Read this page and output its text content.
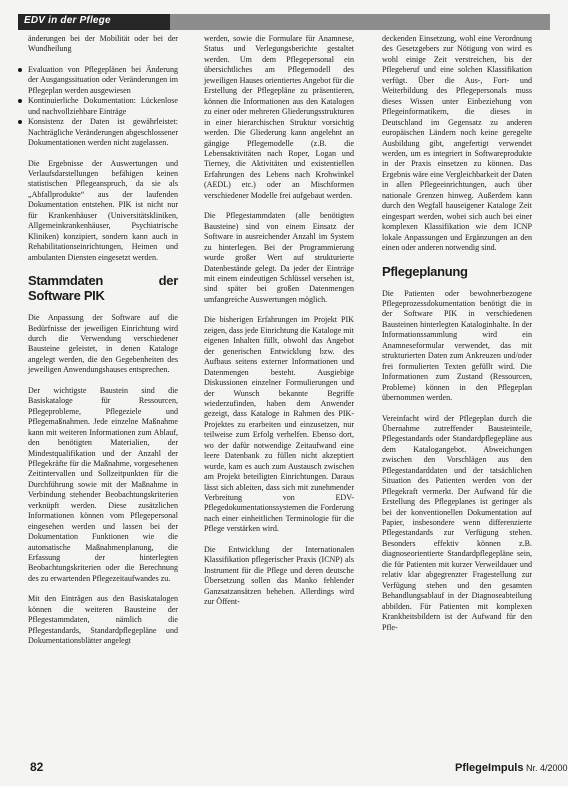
EDV in der Pflege

änderungen bei der Mobilität oder bei der Wundheilung

Evaluation von Pflegeplänen bei Änderung der Ausgangssituation oder Veränderungen im Pflegeplan werden ausgewiesen

Kontinuierliche Dokumentation: Lückenlose und nachvollziehbare Einträge

Konsistenz der Daten ist gewährleistet: Nachträgliche Veränderungen abgeschlossener Dokumentationen werden nicht zugelassen.

Die Ergebnisse der Auswertungen und Verlaufsdarstellungen befähigen keinen statistischen Pflegeanspruch, da sie als „Abfallprodukte“ aus der laufenden Dokumentation entstehen. PIK ist nicht nur für Krankenhäuser (Universitätskliniken, Allgemeinkrankenhäuser, Psychiatrische Kliniken) konzipiert, sondern kann auch in Rehabilitationseinrichtungen, Heimen und ambulanten Diensten eingesetzt werden.

Stammdaten der Software PIK

Die Anpassung der Software auf die Bedürfnisse der jeweiligen Einrichtung wird durch die Verwendung verschiedener Bausteine geleistet, in denen Kataloge angelegt werden, die den Gegebenheiten des jeweiligen Anwendungshauses entsprechen.

Der wichtigste Baustein sind die Basiskataloge für Ressourcen, Pflegeprobleme, Pflegeziele und Pflegemaßnahmen. Jede einzelne Maßnahme kann mit weiteren Informationen zum Ablauf, den benötigten Materialien, der Mindestqualifikation und der Anzahl der Pflegekräfte für die Maßnahme, vorgesehenen Zeitintervallen und Sollzeitpunkten für die Durchführung sowie mit der Maßnahme in Verbindung stehender Beobachtungskriterien verknüpft werden. Diese zusätzlichen Informationen können vom Pflegepersonal eingesehen werden und lassen bei der Dokumentation Funktionen wie die automatische Maßnahmenplanung, die Erfassung der hinterlegten Beobachtungskriterien oder die Berechnung des zu erwartenden Pflegezeitaufwandes zu.

Mit den Einträgen aus den Basiskatalogen können die weiteren Bausteine der Pflegestammdaten, nämlich die Pflegestandards, Standardpflegepläne und Dokumentationsblätter angelegt

werden, sowie die Formulare für Anamnese, Status und Verlegungsberichte gestaltet werden. Um dem Pflegepersonal ein übersichtliches am Pflegemodell des jeweiligen Hauses orientiertes Angebot für die Erstellung der Pflegepläne zu präsentieren, können die Informationen aus den Katalogen zu einer oder mehreren Gliederungsstrukturen in einer hierarchischen Struktur vorsichtig werden. Die Gliederung kann angelehnt an gängige Pflegemodelle (z.B. die Lebensaktivitäten nach Roper, Logan und Tierney, die Aktivitäten und existentiellen Erfahrungen des Lebens nach Krohwinkel (AEDL) etc.) oder an Mischformen verschiedener Modelle frei aufgebaut werden.

Die Pflegestammdaten (alle benötigten Bausteine) sind von einem Einsatz der Software in ausreichender Anzahl im System zu hinterlegen. Bei der Programmierung wurde großer Wert auf strukturierte Datenbestände gelegt. Da jeder der Einträge mit einem eindeutigen Schlüssel versehen ist, sind später bei großen Datenmengen umfangreiche Auswertungen möglich.

Die bisherigen Erfahrungen im Projekt PIK zeigen, dass jede Einrichtung die Kataloge mit eigenen Inhalten füllt, obwohl das Angebot der generischen Entwicklung bzw. des Aufbaus seitens externer Informationen und Datenmengen besteht. Ausgiebige Diskussionen einzelner Formulierungen und der Wunsch bekannte Begriffe wiederzufinden, haben dem Anwender gezeigt, dass Kataloge in Rahmen des PIK-Projektes zu erarbeiten und einzusetzen, nur teilweise zum Erfolg verhelfen. Ebenso dort, wo der dafür notwendige Zeitaufwand eine leere Datenbank zu füllen nicht akzeptiert wurde, kam es auch zum Austausch zwischen am Projekt beteiligten Einrichtungen. Daraus lässt sich ableiten, dass sich mit zunehmender Verbreitung von EDV-Pflegedokumentationssystemen die Forderung nach einer einheitlichen Terminologie für die Pflege verstärken wird.

Die Entwicklung der Internationalen Klassifikation pflegerischer Praxis (ICNP) als Instrument für die Pflege und deren deutsche Übersetzung sollen das Manko fehlender Ganzsatzansätzen beheben. Allerdings wird zur Öffent-

deckenden Einsetzung, wohl eine Verordnung des Gesetzgebers zur Nötigung von wird es wohl einige Zeit verstreichen, bis der Pflegeberuf und eine solchen Klassifikation verfügt. Über die Aus-, Fort- und Weiterbildung des Pflegepersonals muss dieses Wissen unter Einbeziehung von Pflegeinformatikern, die dieses in Deutschland im Gegensatz zu anderen europäischen Ländern noch keine geregelte Ausbildung gibt, angefertigt verwendet werden, um es integriert in Softwareprodukte in der Praxis einsetzen zu können. Das Ergebnis wäre eine Vergleichbarkeit der Daten in allen Pflegeeinrichtungen, auch über nationale Grenzen hinweg. Außerdem kann durch den Wegfall hauseigener Kataloge Zeit eingespart werden, wobei sich auch bei einer komplexen Klassifikation wie dem ICNP lokale Anpassungen und Ergänzungen an den einen oder anderen notwendig sind.

Pflegeplanung

Die Patienten oder bewohnerbezogene Pflegeprozessdokumentation benötigt die in der Software PIK in verschiedenen Bausteinen hinterlegten Kataloginhalte. In der Informationssammlung wird ein Anamneseformular verwendet, das mit strukturierten Daten zum Ankreuzen und/oder frei formulierten Texten gefüllt wird. Die Informationen zum Zustand (Ressourcen, Probleme) können in den Pflegeplan übernommen werden.

Vereinfacht wird der Pflegeplan durch die Übernahme zutreffender Bausteinteile, Pflegestandards oder Standardpflegepläne aus dem Katalogangebot. Abweichungen zwischen den Vorschlägen aus den Pflegestandarddaten und der tatsächlichen Situation des Patienten werden von der Pflegekraft vermerkt. Der Aufwand für die Erstellung des Pflegeplanes ist geringer als bei der konventionellen Dokumentation auf Papier, insbesondere wenn differenzierte Pflegestandards zur Verfügung stehen. Besonders effektiv können z.B. diagnoseorientierte Standardpflegepläne sein, die für Patienten mit kurzer Verweildauer und relativ klar abgegrenzter Fragestellung zur Verfügung stehen und den gesamten Behandlungsablauf in der Diagnoseabteilung abbilden. Für Patienten mit komplexen Krankheitsbildern ist der Aufwand für den Pfle-

82	PflegeImpuls Nr. 4/2000
